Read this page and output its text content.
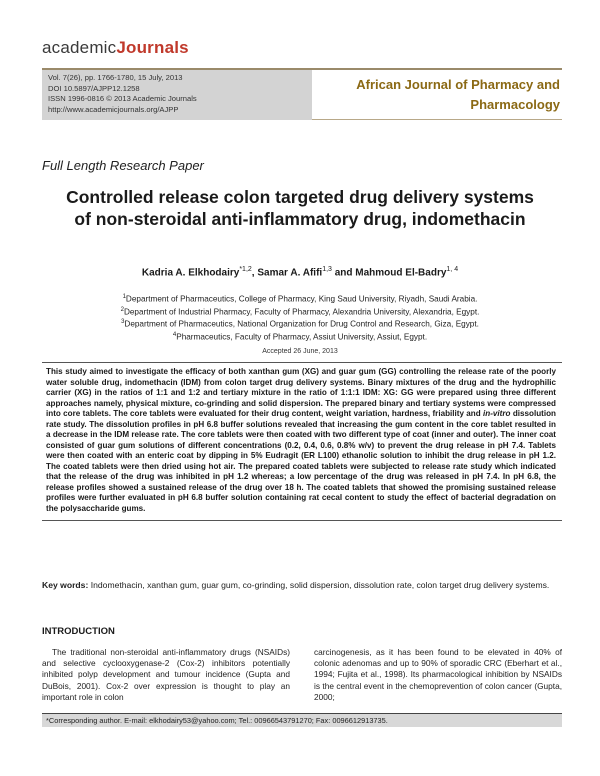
academicJournals
Vol. 7(26), pp. 1766-1780, 15 July, 2013
DOI 10.5897/AJPP12.1258
ISSN 1996-0816 © 2013 Academic Journals
http://www.academicjournals.org/AJPP
African Journal of Pharmacy and
Pharmacology
Full Length Research Paper
Controlled release colon targeted drug delivery systems of non-steroidal anti-inflammatory drug, indomethacin
Kadria A. Elkhodairy$^{*1,2}$, Samar A. Afifi$^{1,3}$ and Mahmoud El-Badry$^{1, 4}$
$^1$Department of Pharmaceutics, College of Pharmacy, King Saud University, Riyadh, Saudi Arabia.
$^2$Department of Industrial Pharmacy, Faculty of Pharmacy, Alexandria University, Alexandria, Egypt.
$^3$Department of Pharmaceutics, National Organization for Drug Control and Research, Giza, Egypt.
$^4$Pharmaceutics, Faculty of Pharmacy, Assiut University, Assiut, Egypt.
Accepted 26 June, 2013
This study aimed to investigate the efficacy of both xanthan gum (XG) and guar gum (GG) controlling the release rate of the poorly water soluble drug, indomethacin (IDM) from colon target drug delivery systems. Binary mixtures of the drug and the hydrophilic carrier (XG) in the ratios of 1:1 and 1:2 and tertiary mixture in the ratio of 1:1:1 IDM: XG: GG were prepared using three different approaches namely, physical mixture, co-grinding and solid dispersion. The prepared binary and tertiary systems were compressed into core tablets. The core tablets were evaluated for their drug content, weight variation, hardness, friability and in-vitro dissolution rate study. The dissolution profiles in pH 6.8 buffer solutions revealed that increasing the gum content in the core tablet resulted in a decrease in the IDM release rate. The core tablets were then coated with two different type of coat (inner and outer). The inner coat consisted of guar gum solutions of different concentrations (0.2, 0.4, 0.6, 0.8% w/v) to prevent the drug release in pH 7.4. Tablets were then coated with an enteric coat by dipping in 5% Eudragit (ER L100) ethanolic solution to inhibit the drug release in pH 1.2. The coated tablets were then dried using hot air. The prepared coated tablets were subjected to release rate study which indicated that the release of the drug was inhibited in pH 1.2 whereas; a low percentage of the drug was released in pH 7.4. In pH 6.8, the release profiles showed a sustained release of the drug over 18 h. The coated tablets that showed the promising sustained release profiles were further evaluated in pH 6.8 buffer solution containing rat cecal content to study the effect of bacterial degradation on the polysaccharide gums.
Key words: Indomethacin, xanthan gum, guar gum, co-grinding, solid dispersion, dissolution rate, colon target drug delivery systems.
INTRODUCTION
The traditional non-steroidal anti-inflammatory drugs (NSAIDs) and selective cyclooxygenase-2 (Cox-2) inhibitors potentially inhibited polyp development and tumour incidence (Gupta and DuBois, 2001). Cox-2 over expression is thought to play an important role in colon
carcinogenesis, as it has been found to be elevated in 40% of colonic adenomas and up to 90% of sporadic CRC (Eberhart et al., 1994; Fujita et al., 1998). Its pharmacological inhibition by NSAIDs is the central event in the chemoprevention of colon cancer (Gupta, 2000;
*Corresponding author. E-mail: elkhodairy53@yahoo.com; Tel.: 00966543791270; Fax: 0096612913735.
